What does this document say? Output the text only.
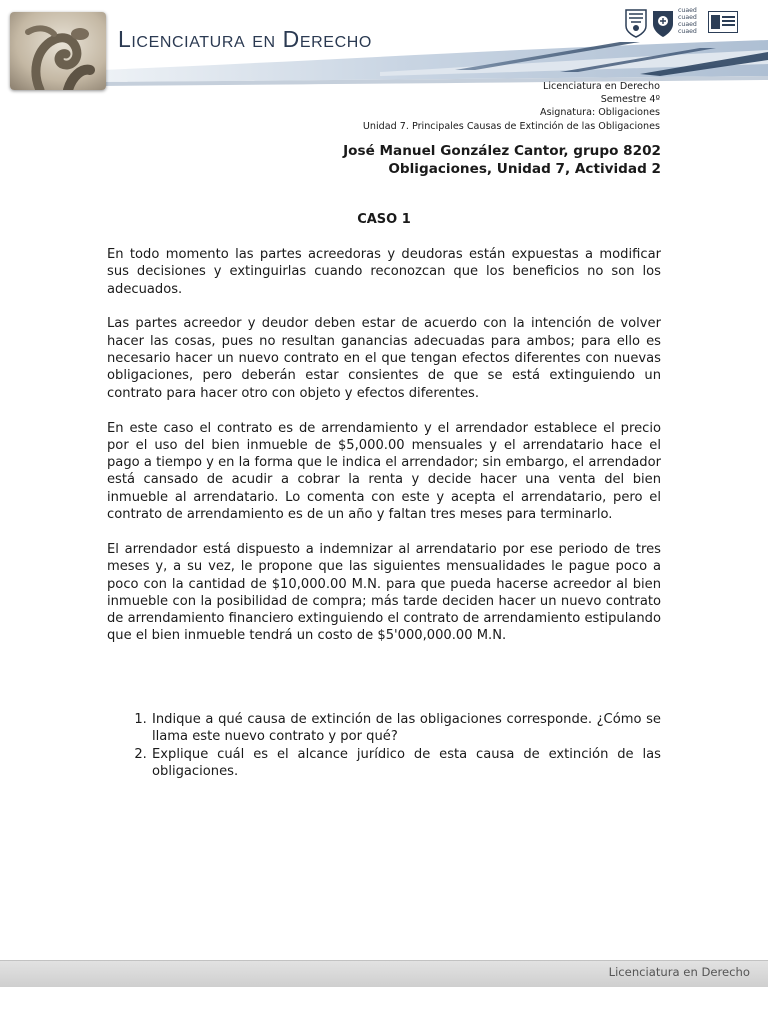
Licenciatura en Derecho
cuaed
cuaed
cuaed
cuaed
Licenciatura en Derecho
Semestre 4º
Asignatura: Obligaciones
Unidad 7. Principales Causas de Extinción de las Obligaciones
José Manuel González Cantor, grupo 8202
Obligaciones, Unidad 7, Actividad 2
CASO 1

En todo momento las partes acreedoras y deudoras están expuestas a modificar sus decisiones y extinguirlas cuando reconozcan que los beneficios no son los adecuados.

Las partes acreedor y deudor deben estar de acuerdo con la intención de volver hacer las cosas, pues no resultan ganancias adecuadas para ambos; para ello es necesario hacer un nuevo contrato en el que tengan efectos diferentes con nuevas obligaciones, pero deberán estar consientes de que se está extinguiendo un contrato para hacer otro con objeto y efectos diferentes.

En este caso el contrato es de arrendamiento y el arrendador establece el precio por el uso del bien inmueble de $5,000.00 mensuales y el arrendatario hace el pago a tiempo y en la forma que le indica el arrendador; sin embargo, el arrendador está cansado de acudir a cobrar la renta y decide hacer una venta del bien inmueble al arrendatario. Lo comenta con este y acepta el arrendatario, pero el contrato de arrendamiento es de un año y faltan tres meses para terminarlo.

El arrendador está dispuesto a indemnizar al arrendatario por ese periodo de tres meses y, a su vez, le propone que las siguientes mensualidades le pague poco a poco con la cantidad de $10,000.00 M.N. para que pueda hacerse acreedor al bien inmueble con la posibilidad de compra; más tarde deciden hacer un nuevo contrato de arrendamiento financiero extinguiendo el contrato de arrendamiento estipulando que el bien inmueble tendrá un costo de $5'000,000.00 M.N.

1. Indique a qué causa de extinción de las obligaciones corresponde. ¿Cómo se llama este nuevo contrato y por qué?
2. Explique cuál es el alcance jurídico de esta causa de extinción de las obligaciones.
Licenciatura en Derecho
